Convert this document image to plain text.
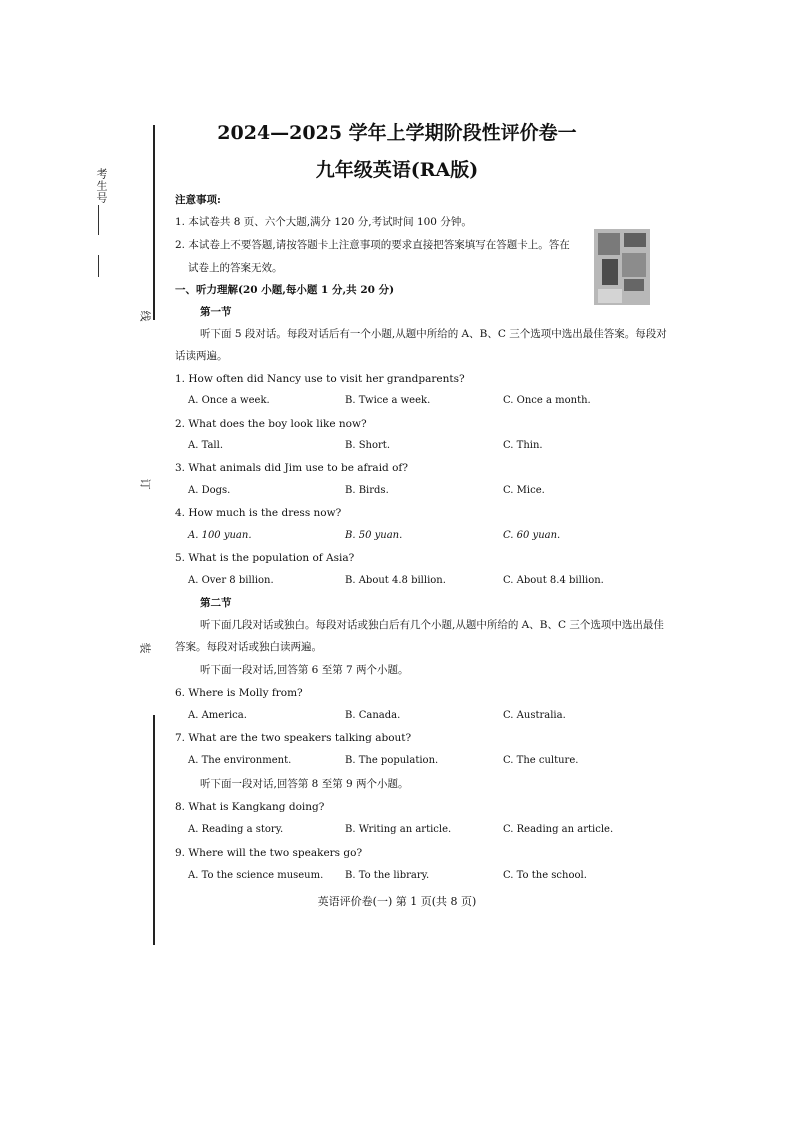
考生号
线
订
装
2024—2025 学年上学期阶段性评价卷一
九年级英语(RA版)
注意事项:
1. 本试卷共 8 页、六个大题,满分 120 分,考试时间 100 分钟。
2. 本试卷上不要答题,请按答题卡上注意事项的要求直接把答案填写在答题卡上。答在
试卷上的答案无效。
一、听力理解(20 小题,每小题 1 分,共 20 分)
第一节
听下面 5 段对话。每段对话后有一个小题,从题中所给的 A、B、C 三个选项中选出最佳答案。每段对
话读两遍。
1. How often did Nancy use to visit her grandparents?
A. Once a week.	B. Twice a week.	C. Once a month.
2. What does the boy look like now?
A. Tall.	B. Short.	C. Thin.
3. What animals did Jim use to be afraid of?
A. Dogs.	B. Birds.	C. Mice.
4. How much is the dress now?
A. 100 yuan.	B. 50 yuan.	C. 60 yuan.
5. What is the population of Asia?
A. Over 8 billion.	B. About 4.8 billion.	C. About 8.4 billion.
第二节
听下面几段对话或独白。每段对话或独白后有几个小题,从题中所给的 A、B、C 三个选项中选出最佳
答案。每段对话或独白读两遍。
听下面一段对话,回答第 6 至第 7 两个小题。
6. Where is Molly from?
A. America.	B. Canada.	C. Australia.
7. What are the two speakers talking about?
A. The environment.	B. The population.	C. The culture.
听下面一段对话,回答第 8 至第 9 两个小题。
8. What is Kangkang doing?
A. Reading a story.	B. Writing an article.	C. Reading an article.
9. Where will the two speakers go?
A. To the science museum. B. To the library.	C. To the school.
英语评价卷(一) 第 1 页(共 8 页)
